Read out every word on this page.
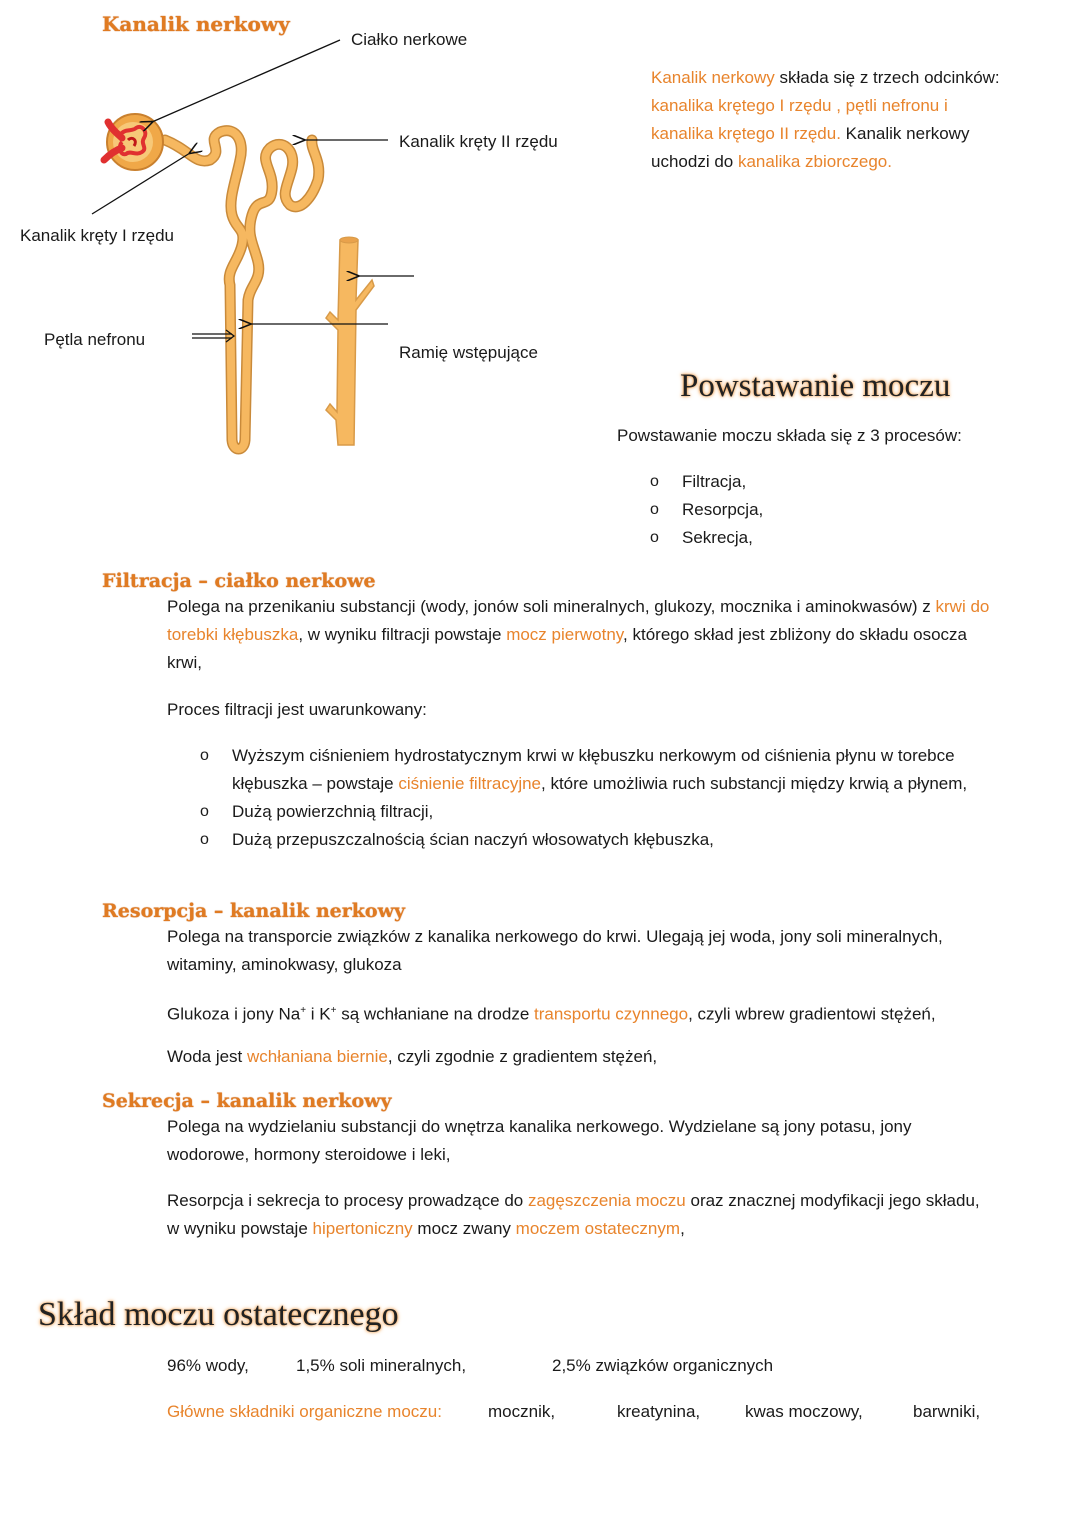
Kanalik nerkowy
Ciałko nerkowe
Kanalik kręty II rzędu
Kanalik kręty I rzędu
Pętla nefronu
Ramię wstępujące
Kanalik nerkowy składa się z trzech odcinków: kanalika krętego I rzędu , pętli nefronu i kanalika krętego II rzędu. Kanalik nerkowy uchodzi do kanalika zbiorczego.
Powstawanie moczu
Powstawanie moczu składa się z 3 procesów:
o Filtracja,
o Resorpcja,
o Sekrecja,
Filtracja – ciałko nerkowe
Polega na przenikaniu substancji (wody, jonów soli mineralnych, glukozy, mocznika i aminokwasów) z krwi do torebki kłębuszka, w wyniku filtracji powstaje mocz pierwotny, którego skład jest zbliżony do składu osocza krwi,
Proces filtracji jest uwarunkowany:
o Wyższym ciśnieniem hydrostatycznym krwi w kłębuszku nerkowym od ciśnienia płynu w torebce kłębuszka – powstaje ciśnienie filtracyjne, które umożliwia ruch substancji między krwią a płynem,
o Dużą powierzchnią filtracji,
o Dużą przepuszczalnością ścian naczyń włosowatych kłębuszka,
Resorpcja – kanalik nerkowy
Polega na transporcie związków z kanalika nerkowego do krwi. Ulegają jej woda, jony soli mineralnych, witaminy, aminokwasy, glukoza
Glukoza i jony Na+ i K+ są wchłaniane na drodze transportu czynnego, czyli wbrew gradientowi stężeń,
Woda jest wchłaniana biernie, czyli zgodnie z gradientem stężeń,
Sekrecja – kanalik nerkowy
Polega na wydzielaniu substancji do wnętrza kanalika nerkowego. Wydzielane są jony potasu, jony wodorowe, hormony steroidowe i leki,
Resorpcja i sekrecja to procesy prowadzące do zagęszczenia moczu oraz znacznej modyfikacji jego składu, w wyniku powstaje hipertoniczny mocz zwany moczem ostatecznym,
Skład moczu ostatecznego
96% wody,	1,5% soli mineralnych,	2,5% związków organicznych
Główne składniki organiczne moczu:	mocznik,	kreatynina,	kwas moczowy,	barwniki,
